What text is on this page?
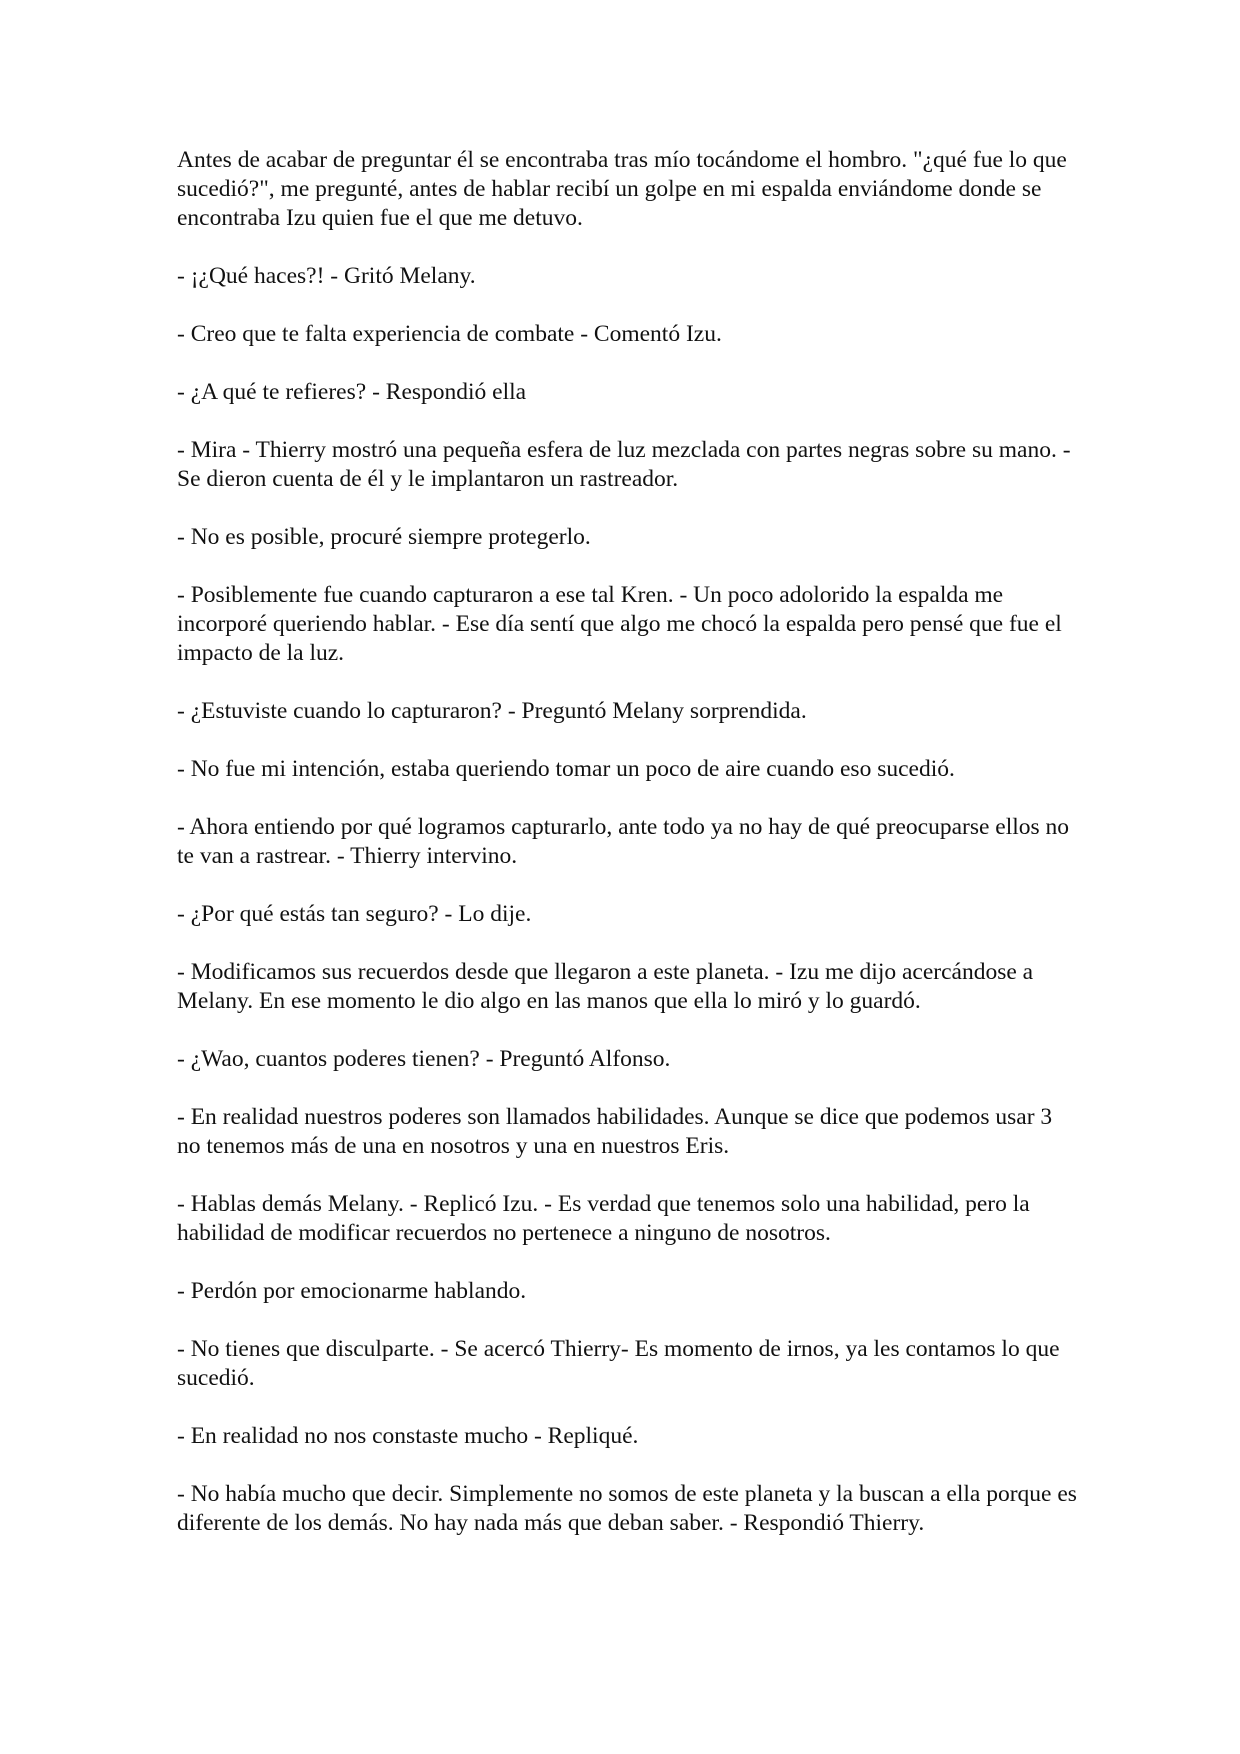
Antes de acabar de preguntar él se encontraba tras mío tocándome el hombro. "¿qué fue lo que sucedió?", me pregunté, antes de hablar recibí un golpe en mi espalda enviándome donde se encontraba Izu quien fue el que me detuvo.

- ¡¿Qué haces?! - Gritó Melany.

- Creo que te falta experiencia de combate - Comentó Izu.

- ¿A qué te refieres? - Respondió ella

- Mira - Thierry mostró una pequeña esfera de luz mezclada con partes negras sobre su mano. - Se dieron cuenta de él y le implantaron un rastreador.

- No es posible, procuré siempre protegerlo.

- Posiblemente fue cuando capturaron a ese tal Kren. - Un poco adolorido la espalda me incorporé queriendo hablar. - Ese día sentí que algo me chocó la espalda pero pensé que fue el impacto de la luz.

- ¿Estuviste cuando lo capturaron? - Preguntó Melany sorprendida.

- No fue mi intención, estaba queriendo tomar un poco de aire cuando eso sucedió.

- Ahora entiendo por qué logramos capturarlo, ante todo ya no hay de qué preocuparse ellos no te van a rastrear. - Thierry intervino.

- ¿Por qué estás tan seguro? - Lo dije.

- Modificamos sus recuerdos desde que llegaron a este planeta. - Izu me dijo acercándose a Melany. En ese momento le dio algo en las manos que ella lo miró y lo guardó.

- ¿Wao, cuantos poderes tienen? - Preguntó Alfonso.

- En realidad nuestros poderes son llamados habilidades. Aunque se dice que podemos usar 3 no tenemos más de una en nosotros y una en nuestros Eris.

- Hablas demás Melany. - Replicó Izu. - Es verdad que tenemos solo una habilidad, pero la habilidad de modificar recuerdos no pertenece a ninguno de nosotros.

- Perdón por emocionarme hablando.

- No tienes que disculparte. - Se acercó Thierry- Es momento de irnos, ya les contamos lo que sucedió.

- En realidad no nos constaste mucho - Repliqué.

- No había mucho que decir. Simplemente no somos de este planeta y la buscan a ella porque es diferente de los demás. No hay nada más que deban saber. - Respondió Thierry.
